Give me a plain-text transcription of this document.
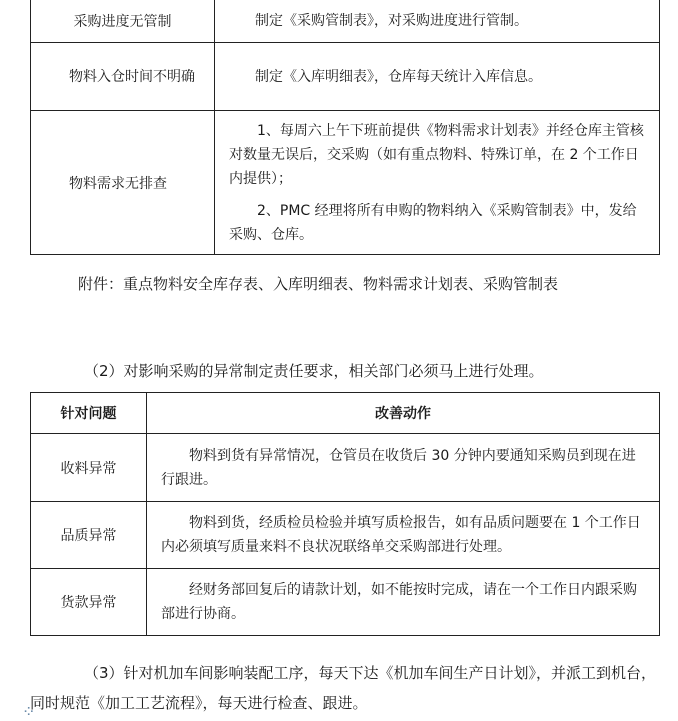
采购进度无管制	制定《采购管制表》，对采购进度进行管制。
物料入仓时间不明确	制定《入库明细表》，仓库每天统计入库信息。
物料需求无排查	1、每周六上午下班前提供《物料需求计划表》并经仓库主管核对数量无误后，交采购（如有重点物料、特殊订单，在 2 个工作日内提供）；

2、PMC 经理将所有申购的物料纳入《采购管制表》中，发给采购、仓库。

附件：重点物料安全库存表、入库明细表、物料需求计划表、采购管制表

（2）对影响采购的异常制定责任要求，相关部门必须马上进行处理。

针对问题	改善动作
收料异常	物料到货有异常情况，仓管员在收货后 30 分钟内要通知采购员到现在进行跟进。

品质异常	物料到货，经质检员检验并填写质检报告，如有品质问题要在 1 个工作日内必须填写质量来料不良状况联络单交采购部进行处理。

货款异常	经财务部回复后的请款计划，如不能按时完成，请在一个工作日内跟采购部进行协商。

（3）针对机加车间影响装配工序，每天下达《机加车间生产日计划》，并派工到机台，同时规范《加工工艺流程》，每天进行检查、跟进。

⁘
